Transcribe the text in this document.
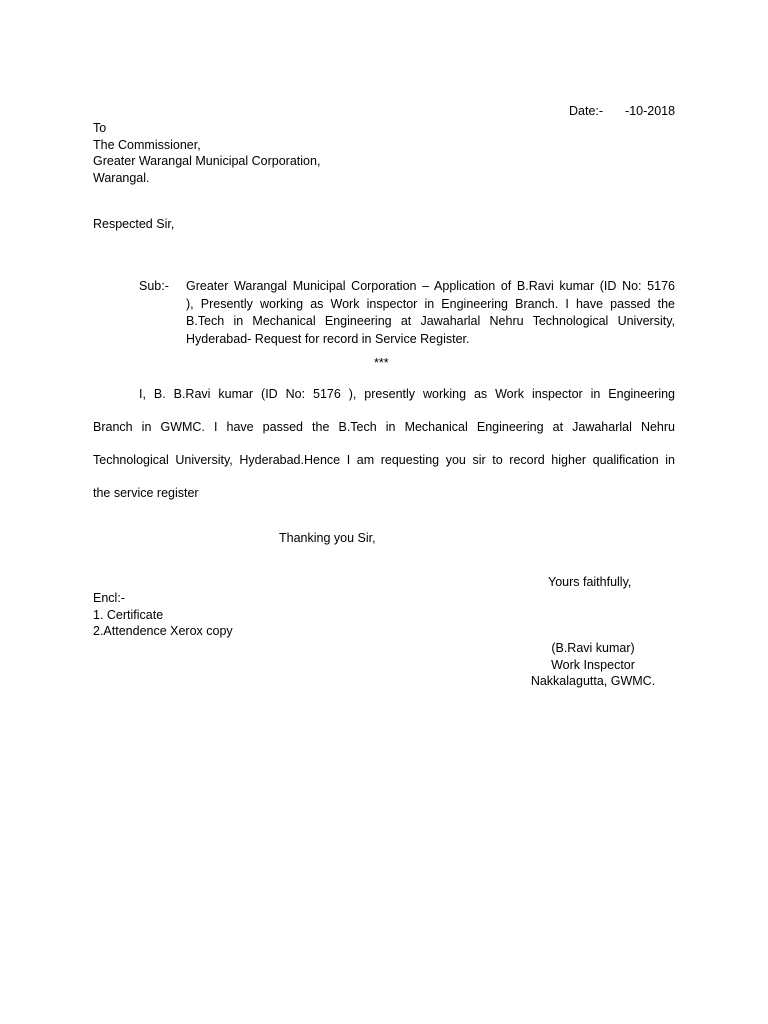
Date:- -10-2018
To
The Commissioner,
Greater Warangal Municipal Corporation,
Warangal.
Respected Sir,
Sub:- Greater Warangal Municipal Corporation – Application of B.Ravi kumar (ID No: 5176
), Presently working as Work inspector in Engineering Branch. I have passed the
B.Tech in Mechanical Engineering at Jawaharlal Nehru Technological University,
Hyderabad- Request for record in Service Register.
***
I, B. B.Ravi kumar (ID No: 5176 ), presently working as Work inspector in Engineering
Branch in GWMC. I have passed the B.Tech in Mechanical Engineering at Jawaharlal Nehru
Technological University, Hyderabad.Hence I am requesting you sir to record higher qualification in
the service register
Thanking you Sir,
Yours faithfully,
Encl:-
1. Certificate
2.Attendence Xerox copy
(B.Ravi kumar)
Work Inspector
Nakkalagutta, GWMC.
